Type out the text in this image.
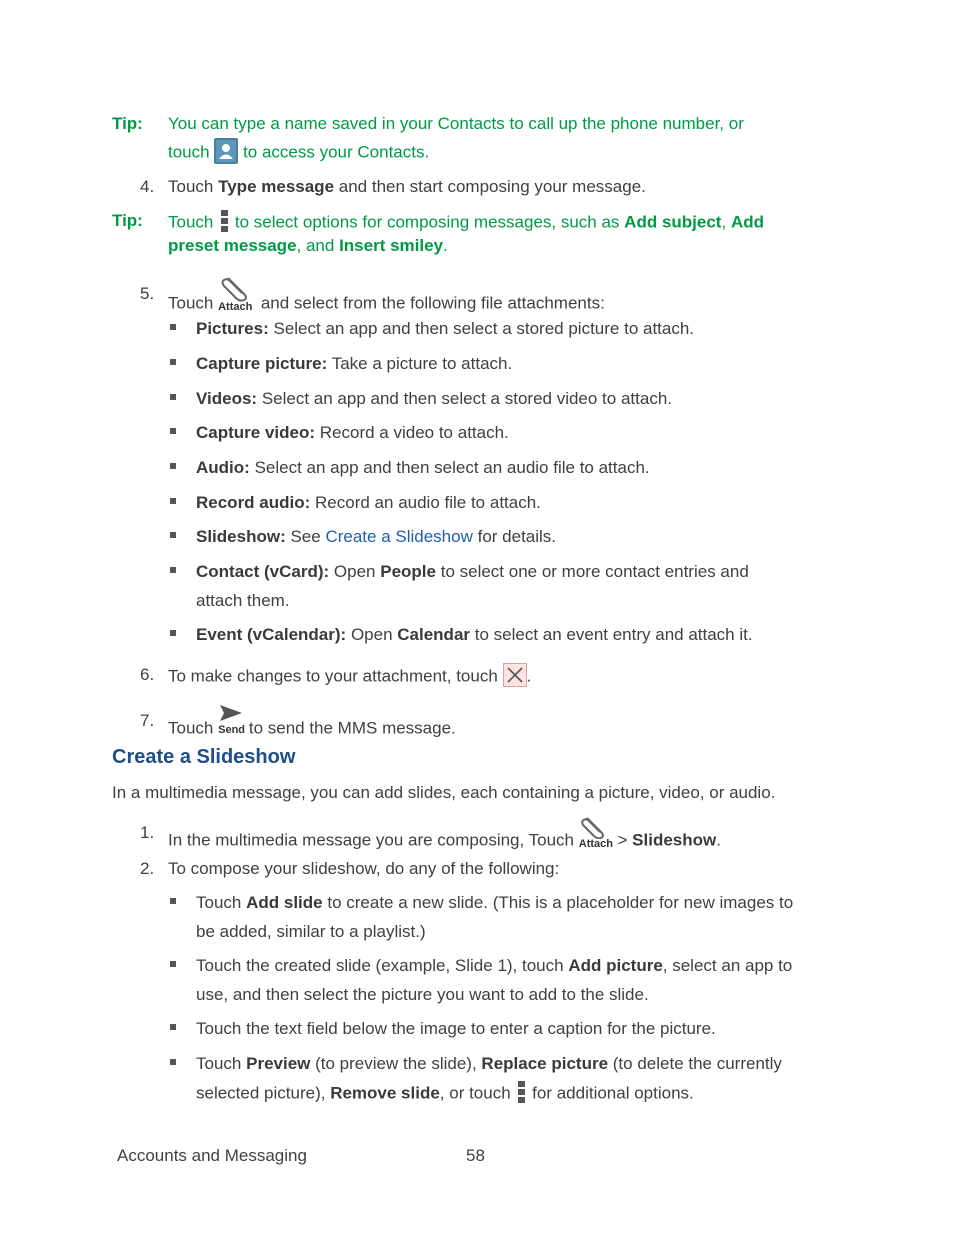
Tip: You can type a name saved in your Contacts to call up the phone number, or
touch to access your Contacts.
4. Touch Type message and then start composing your message.
Tip: Touch to select options for composing messages, such as Add subject, Add
preset message, and Insert smiley.
5. Touch Attach and select from the following file attachments:
Pictures: Select an app and then select a stored picture to attach.
Capture picture: Take a picture to attach.
Videos: Select an app and then select a stored video to attach.
Capture video: Record a video to attach.
Audio: Select an app and then select an audio file to attach.
Record audio: Record an audio file to attach.
Slideshow: See Create a Slideshow for details.
Contact (vCard): Open People to select one or more contact entries and
attach them.
Event (vCalendar): Open Calendar to select an event entry and attach it.
6. To make changes to your attachment, touch .
7. Touch Send to send the MMS message.
Create a Slideshow
In a multimedia message, you can add slides, each containing a picture, video, or audio.
1. In the multimedia message you are composing, Touch Attach > Slideshow.
2. To compose your slideshow, do any of the following:
Touch Add slide to create a new slide. (This is a placeholder for new images to
be added, similar to a playlist.)
Touch the created slide (example, Slide 1), touch Add picture, select an app to
use, and then select the picture you want to add to the slide.
Touch the text field below the image to enter a caption for the picture.
Touch Preview (to preview the slide), Replace picture (to delete the currently
selected picture), Remove slide, or touch for additional options.
Accounts and Messaging	58
